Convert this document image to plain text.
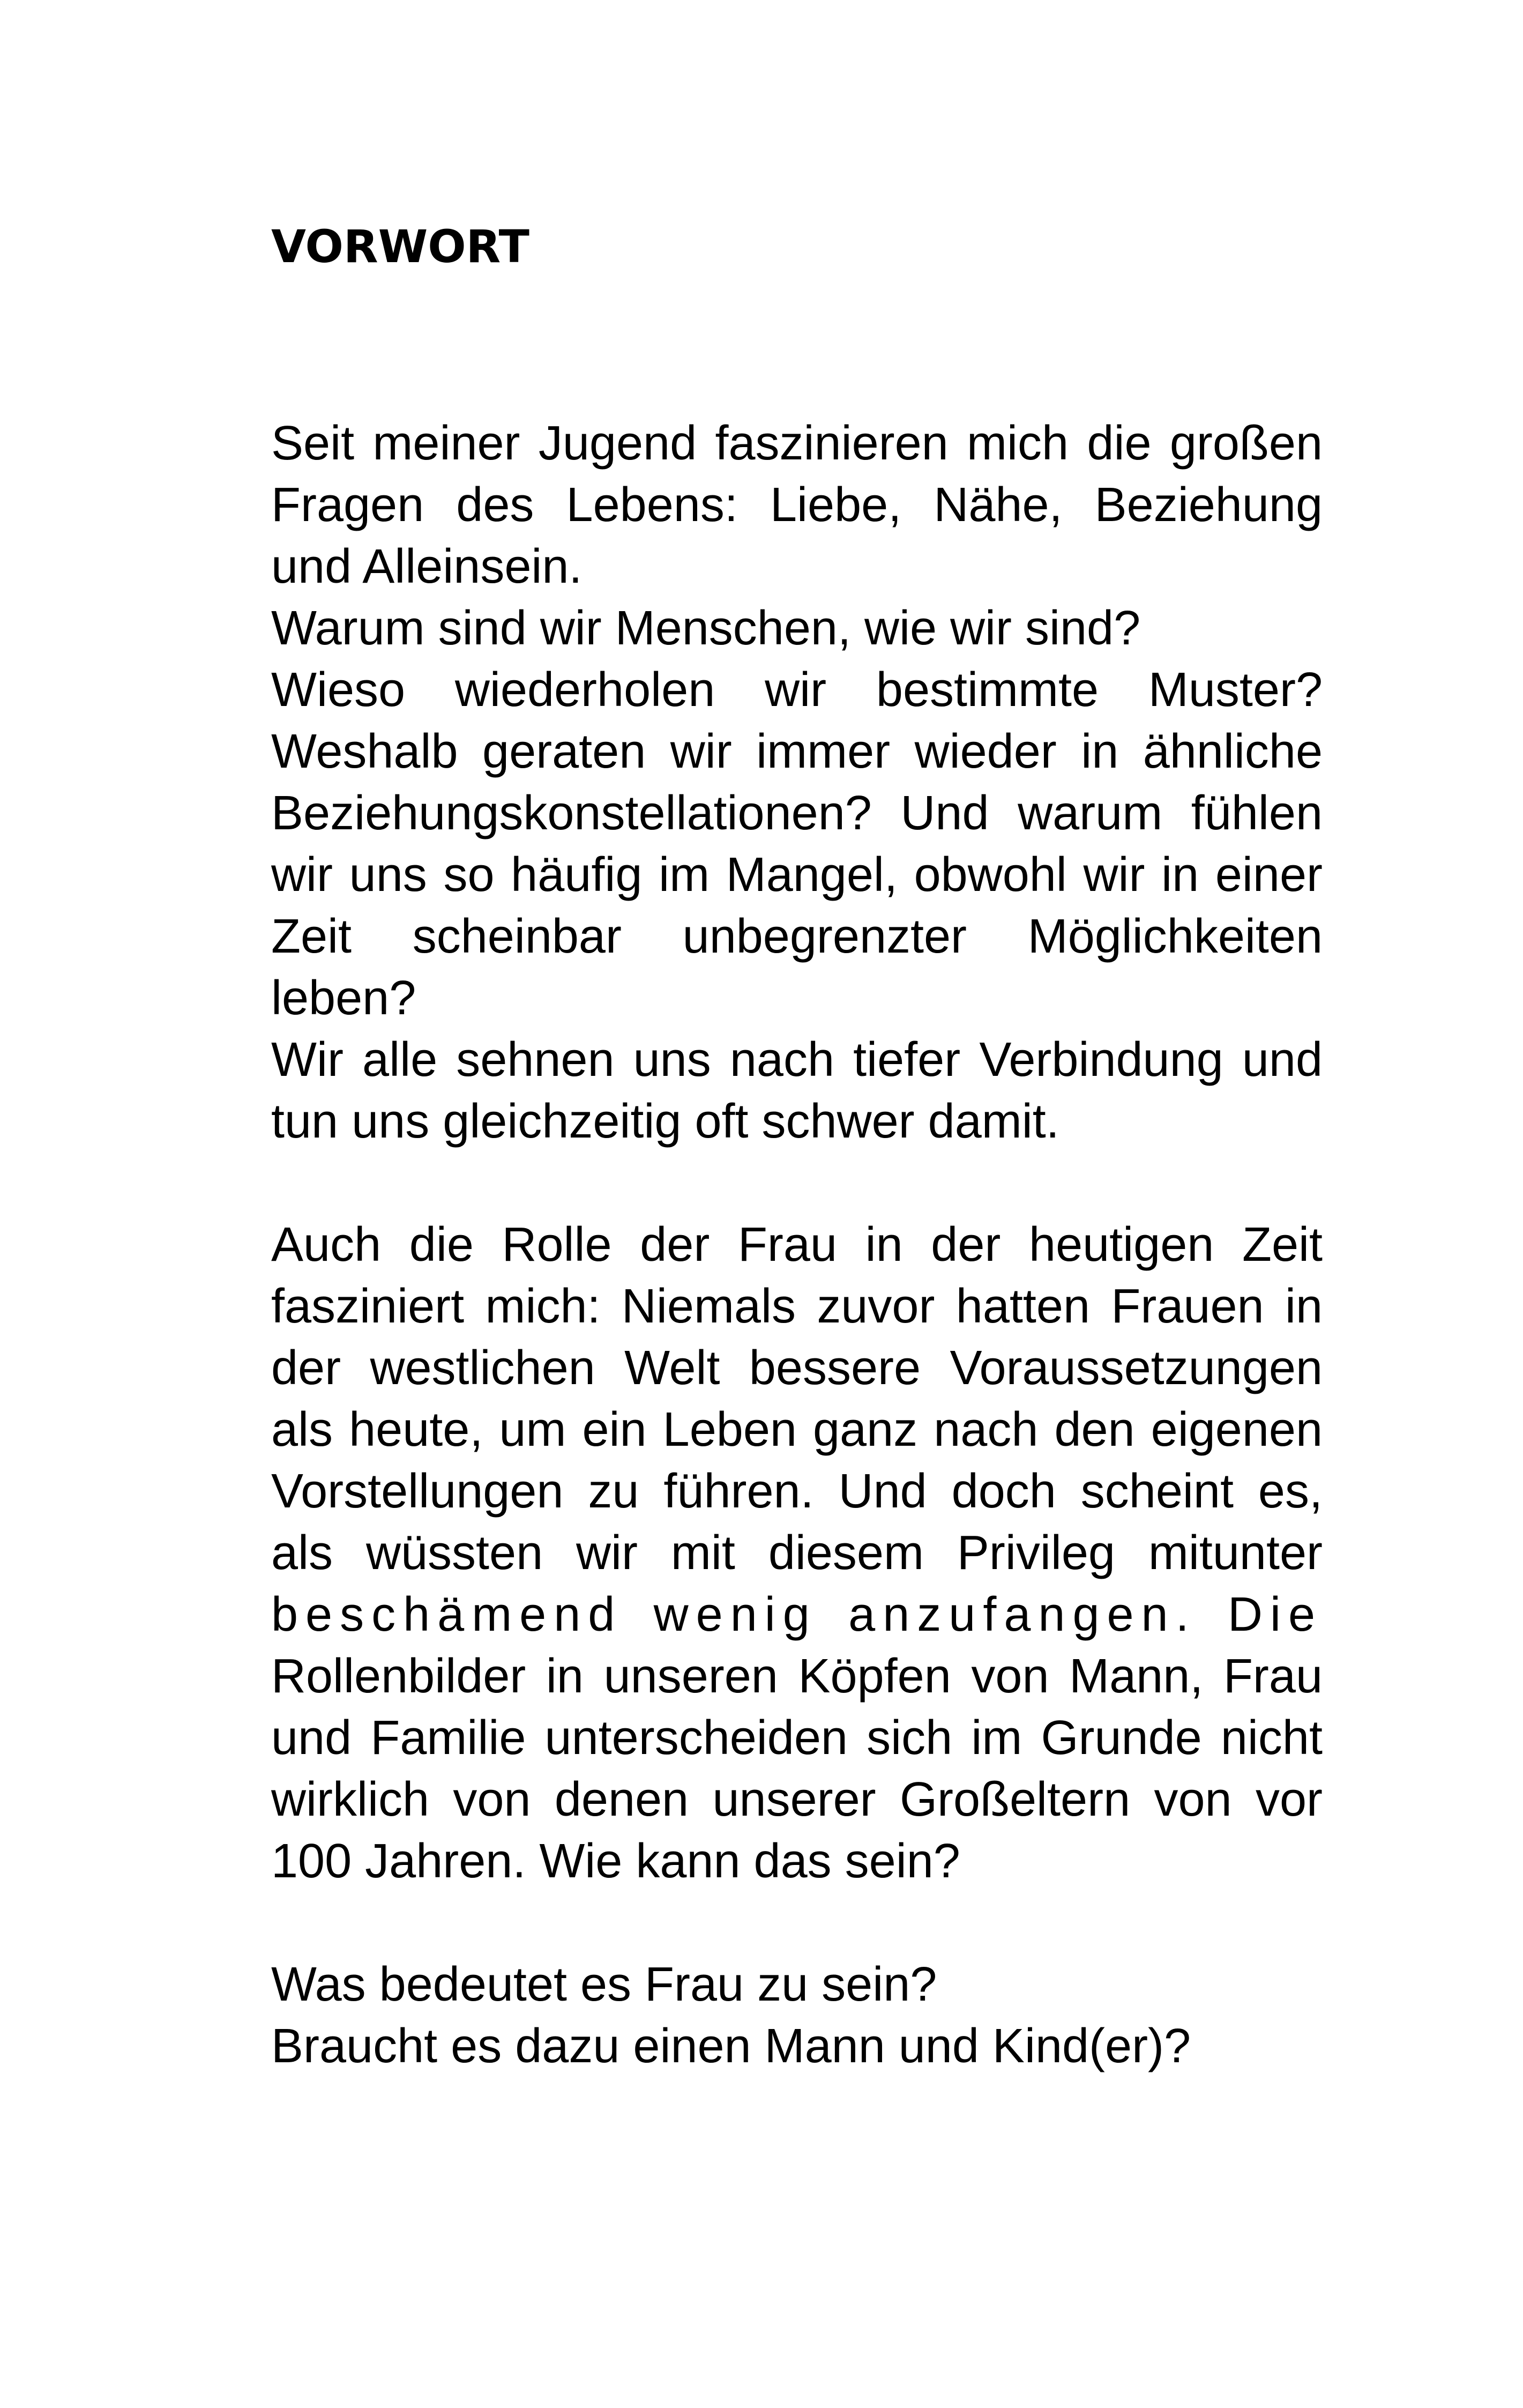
VORWORT
Seit meiner Jugend faszinieren mich die großen
Fragen des Lebens: Liebe, Nähe, Beziehung
und Alleinsein.
Warum sind wir Menschen, wie wir sind?
Wieso wiederholen wir bestimmte Muster?
Weshalb geraten wir immer wieder in ähnliche
Beziehungskonstellationen? Und warum fühlen
wir uns so häufig im Mangel, obwohl wir in einer
Zeit scheinbar unbegrenzter Möglichkeiten
leben?
Wir alle sehnen uns nach tiefer Verbindung und
tun uns gleichzeitig oft schwer damit.
Auch die Rolle der Frau in der heutigen Zeit
fasziniert mich: Niemals zuvor hatten Frauen in
der westlichen Welt bessere Voraussetzungen
als heute, um ein Leben ganz nach den eigenen
Vorstellungen zu führen. Und doch scheint es,
als wüssten wir mit diesem Privileg mitunter
beschämend wenig anzufangen. Die
Rollenbilder in unseren Köpfen von Mann, Frau
und Familie unterscheiden sich im Grunde nicht
wirklich von denen unserer Großeltern von vor
100 Jahren. Wie kann das sein?
Was bedeutet es Frau zu sein?
Braucht es dazu einen Mann und Kind(er)?
